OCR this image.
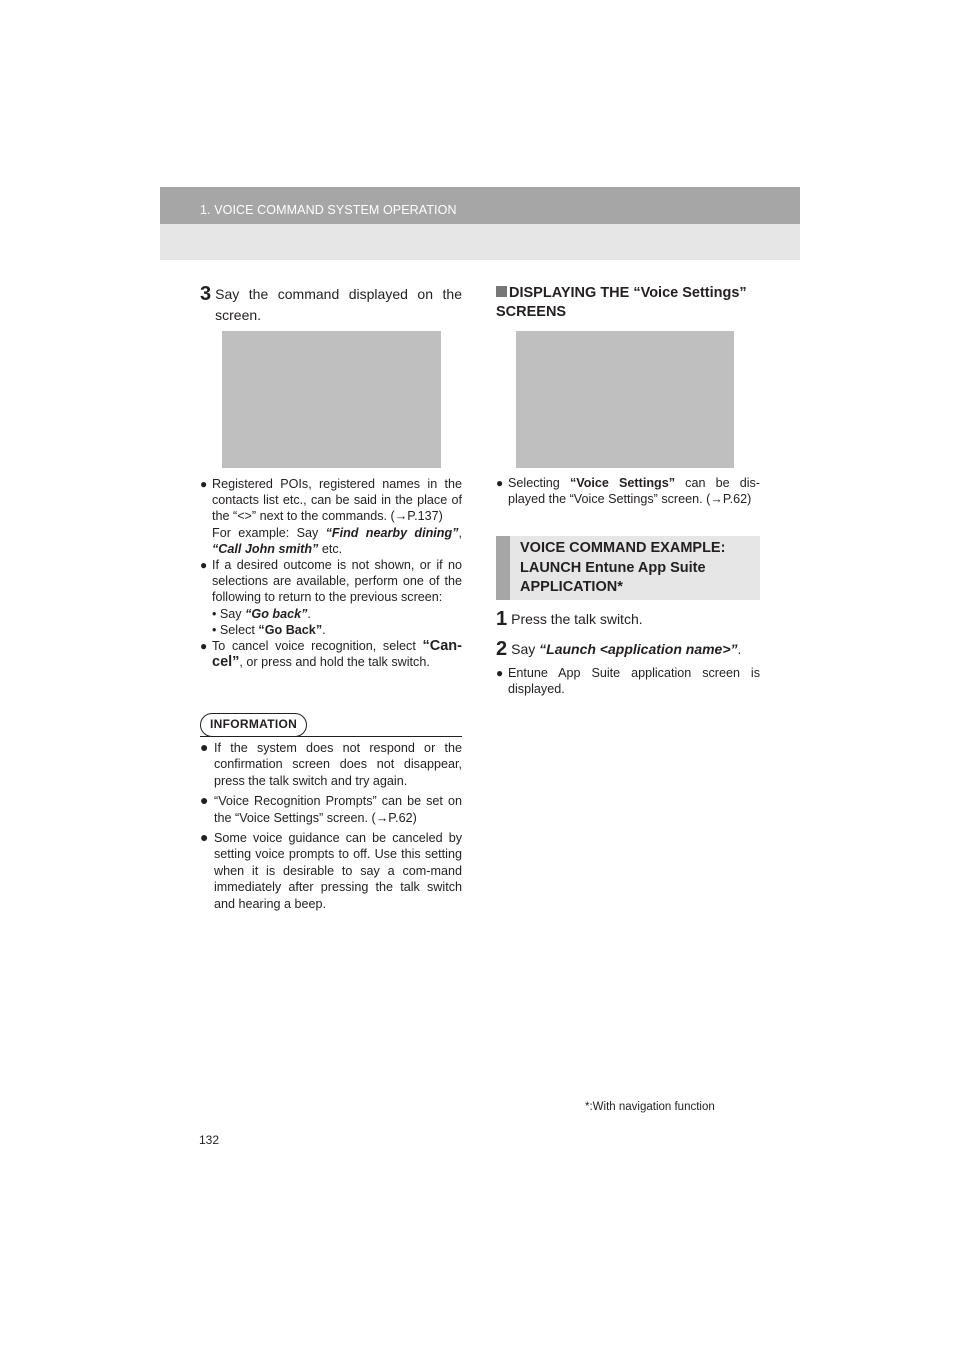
1. VOICE COMMAND SYSTEM OPERATION
3 Say the command displayed on the screen.
● Registered POIs, registered names in the contacts list etc., can be said in the place of the “<>” next to the commands. (→P.137)
For example: Say “Find nearby dining”, “Call John smith” etc.
● If a desired outcome is not shown, or if no selections are available, perform one of the following to return to the previous screen:
• Say “Go back”.
• Select “Go Back”.
● To cancel voice recognition, select “Can-cel”, or press and hold the talk switch.
INFORMATION
● If the system does not respond or the confirmation screen does not disappear, press the talk switch and try again.
● “Voice Recognition Prompts” can be set on the “Voice Settings” screen. (→P.62)
● Some voice guidance can be canceled by setting voice prompts to off. Use this setting when it is desirable to say a com-mand immediately after pressing the talk switch and hearing a beep.
DISPLAYING THE “Voice Settings” SCREENS
● Selecting “Voice Settings” can be dis-played the “Voice Settings” screen. (→P.62)
VOICE COMMAND EXAMPLE: LAUNCH Entune App Suite APPLICATION*
1 Press the talk switch.
2 Say “Launch <application name>”.
● Entune App Suite application screen is displayed.
*:With navigation function
132
